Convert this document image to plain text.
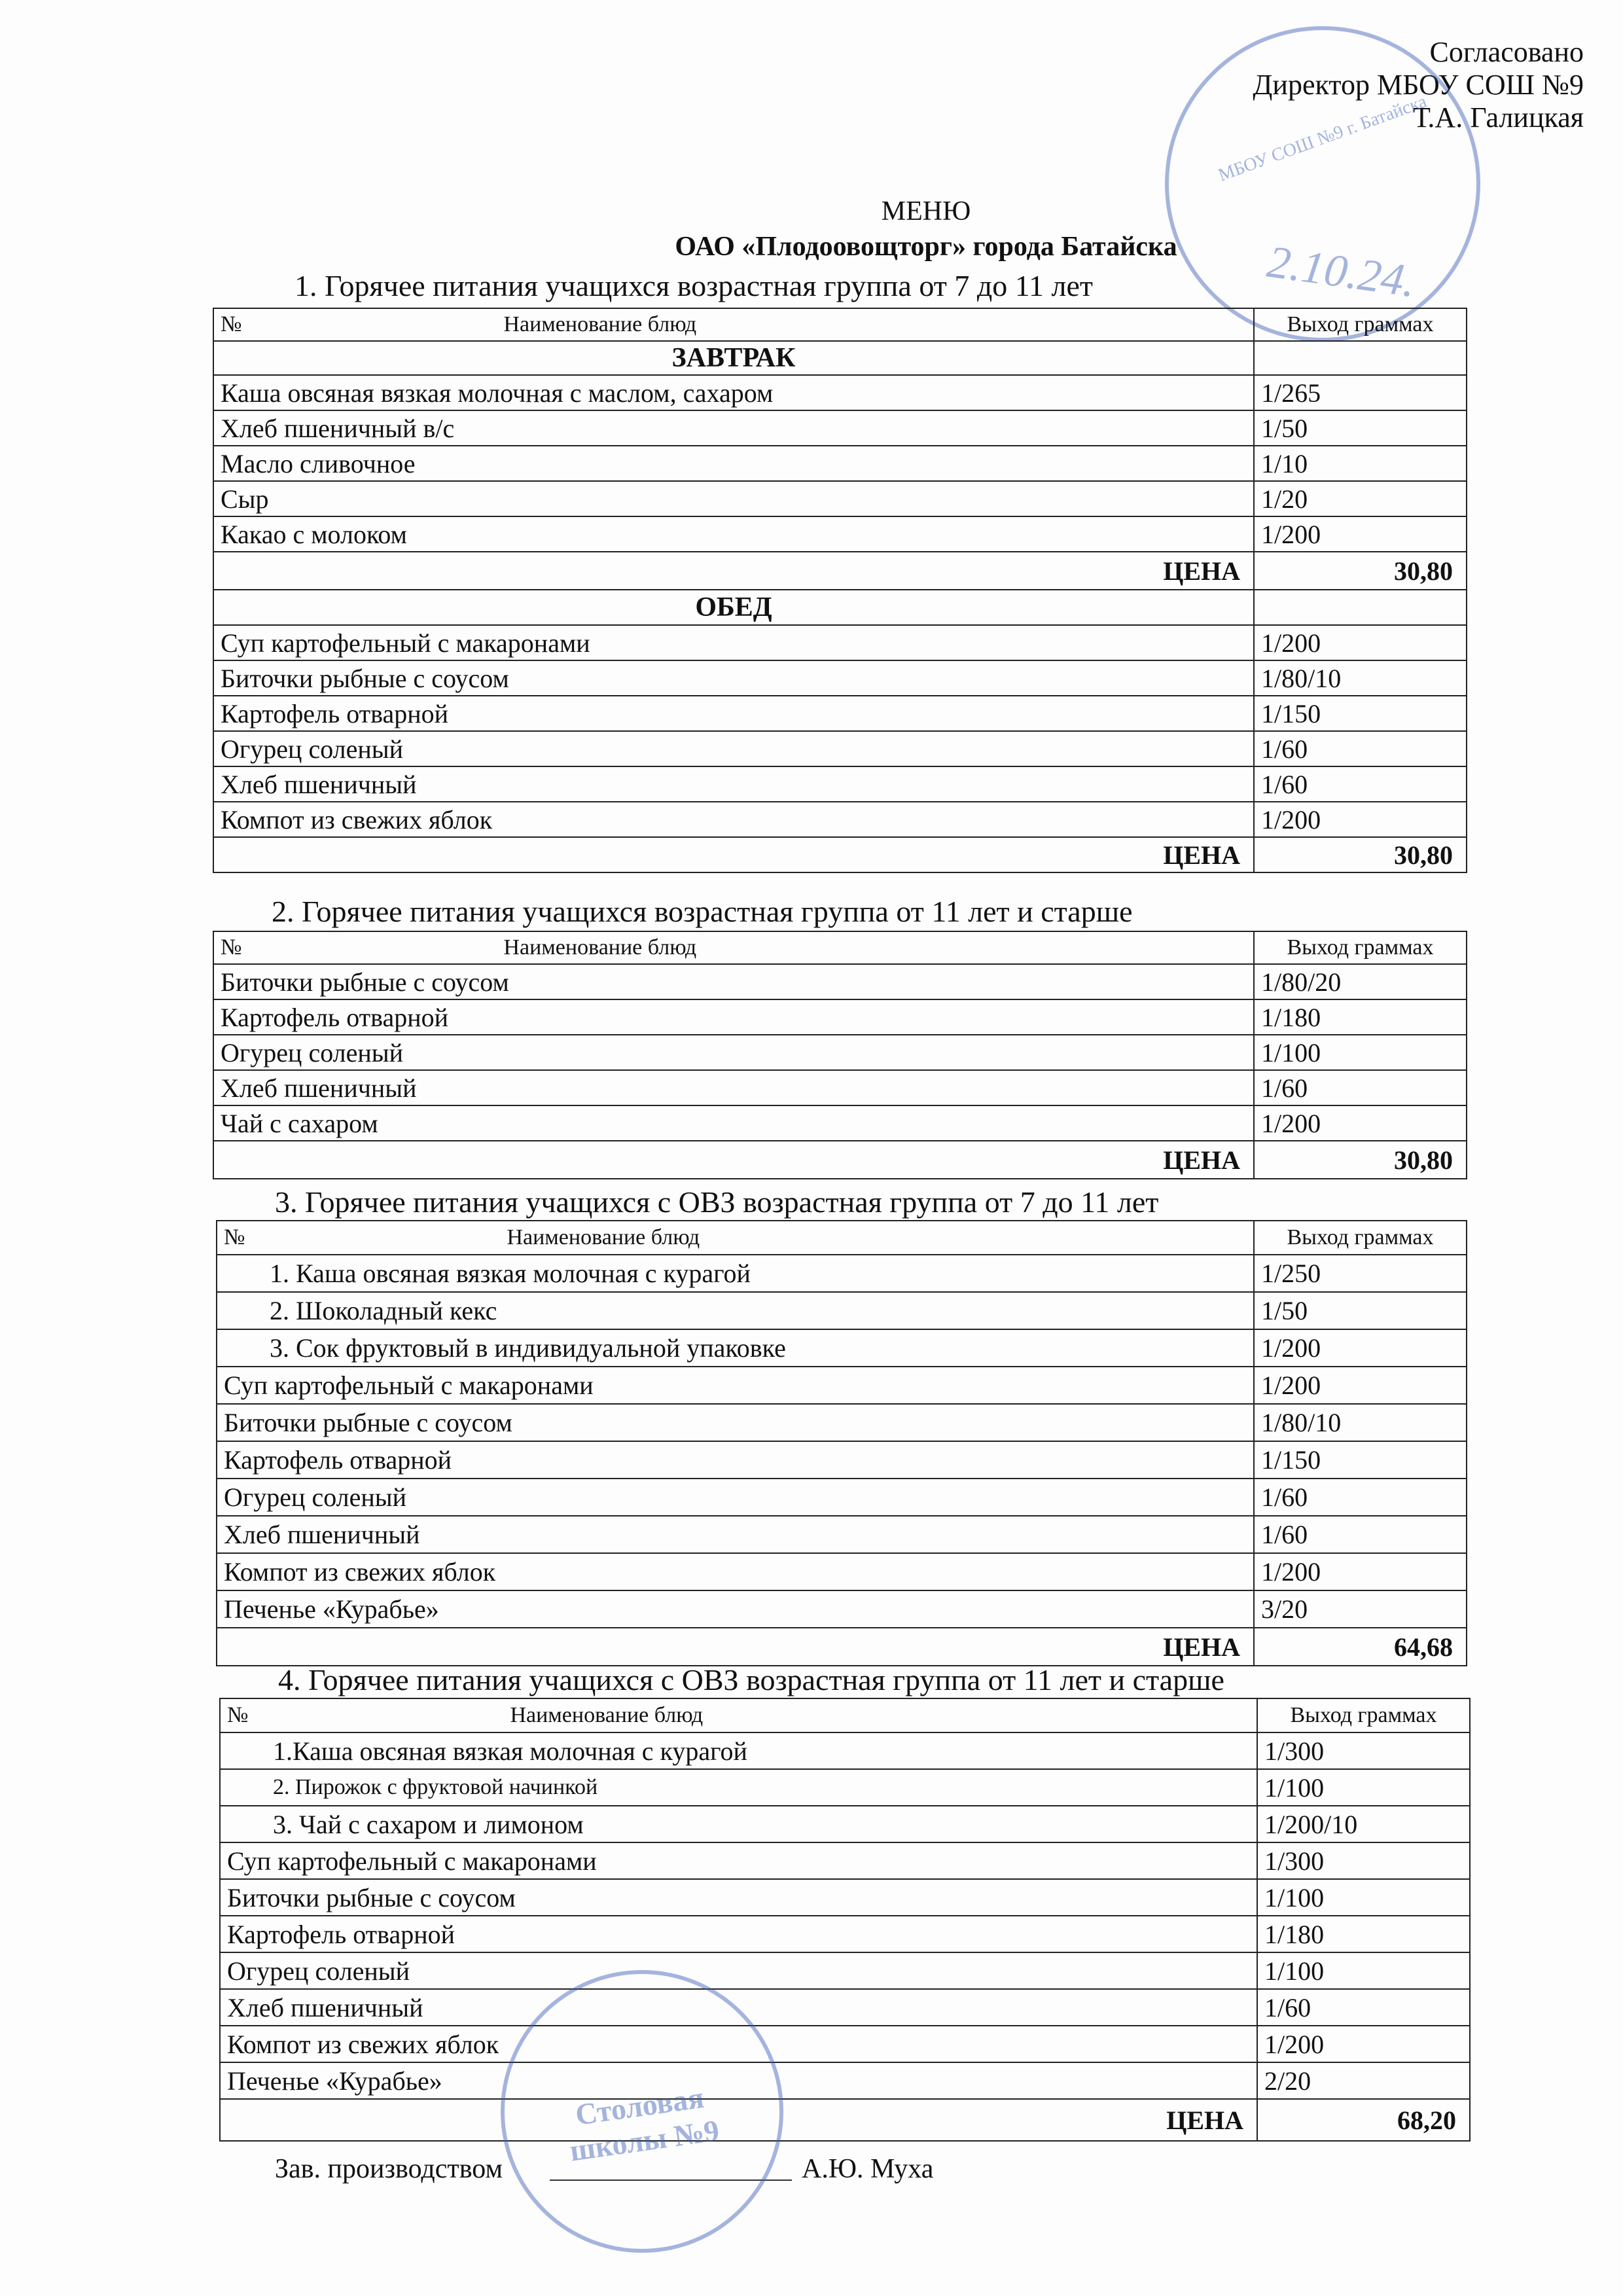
Согласовано
Директор МБОУ СОШ №9
Т.А. Галицкая
МБОУ СОШ №9 г. Батайска
2.10.24.
МЕНЮ
ОАО «Плодоовощторг» города Батайска
1. Горячее питания учащихся возрастная группа от 7 до 11 лет
№ Наименование блюд	Выход граммах
ЗАВТРАК	
Каша овсяная вязкая молочная с маслом, сахаром	1/265
Хлеб пшеничный в/с	1/50
Масло сливочное	1/10
Сыр	1/20
Какао с молоком	1/200
ЦЕНА	30,80
ОБЕД	
Суп картофельный с макаронами	1/200
Биточки рыбные с соусом	1/80/10
Картофель отварной	1/150
Огурец соленый	1/60
Хлеб пшеничный	1/60
Компот из свежих яблок	1/200
ЦЕНА	30,80
2. Горячее питания учащихся возрастная группа от 11 лет и старше
№ Наименование блюд	Выход граммах
Биточки рыбные с соусом	1/80/20
Картофель отварной	1/180
Огурец соленый	1/100
Хлеб пшеничный	1/60
Чай с сахаром	1/200
ЦЕНА	30,80
3. Горячее питания учащихся с ОВЗ возрастная группа от 7 до 11 лет
№ Наименование блюд	Выход граммах
1. Каша овсяная вязкая молочная с курагой	1/250
2. Шоколадный кекс	1/50
3. Сок фруктовый в индивидуальной упаковке	1/200
Суп картофельный с макаронами	1/200
Биточки рыбные с соусом	1/80/10
Картофель отварной	1/150
Огурец соленый	1/60
Хлеб пшеничный	1/60
Компот из свежих яблок	1/200
Печенье «Курабье»	3/20
ЦЕНА	64,68
4. Горячее питания учащихся с ОВЗ возрастная группа от 11 лет и старше
№ Наименование блюд	Выход граммах
1.Каша овсяная вязкая молочная с курагой	1/300
2. Пирожок с фруктовой начинкой	1/100
3. Чай с сахаром и лимоном	1/200/10
Суп картофельный с макаронами	1/300
Биточки рыбные с соусом	1/100
Картофель отварной	1/180
Огурец соленый	1/100
Хлеб пшеничный	1/60
Компот из свежих яблок	1/200
Печенье «Курабье»	2/20
ЦЕНА	68,20
Зав. производством	А.Ю. Муха
Столовая школы №9
